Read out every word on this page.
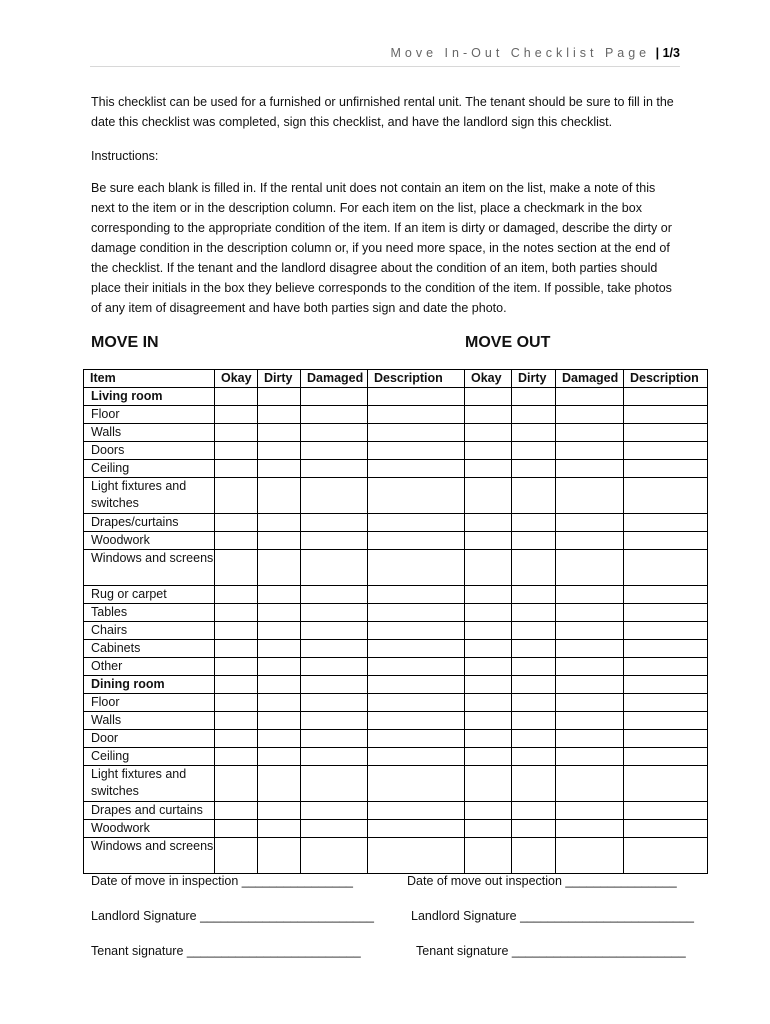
Move In-Out Checklist Page | 1/3

This checklist can be used for a furnished or unfirnished rental unit. The tenant should be sure to fill in the date this checklist was completed, sign this checklist, and have the landlord sign this checklist.

Instructions:

Be sure each blank is filled in. If the rental unit does not contain an item on the list, make a note of this next to the item or in the description column. For each item on the list, place a checkmark in the box corresponding to the appropriate condition of the item. If an item is dirty or damaged, describe the dirty or damage condition in the description column or, if you need more space, in the notes section at the end of the checklist. If the tenant and the landlord disagree about the condition of an item, both parties should place their initials in the box they believe corresponds to the condition of the item. If possible, take photos of any item of disagreement and have both parties sign and date the photo.

MOVE IN	MOVE OUT
Item	Okay	Dirty	Damaged	Description	Okay	Dirty	Damaged	Description
Living room								
Floor								
Walls								
Doors								
Ceiling								
Light fixtures and switches								
Drapes/curtains								
Woodwork								
Windows and screens								
Rug or carpet								
Tables								
Chairs								
Cabinets								
Other								
Dining room								
Floor								
Walls								
Door								
Ceiling								
Light fixtures and switches								
Drapes and curtains								
Woodwork								
Windows and screens								
Date of move in inspection ________________	Date of move out inspection ________________
Landlord Signature _________________________	Landlord Signature _________________________
Tenant signature _________________________	Tenant signature _________________________
